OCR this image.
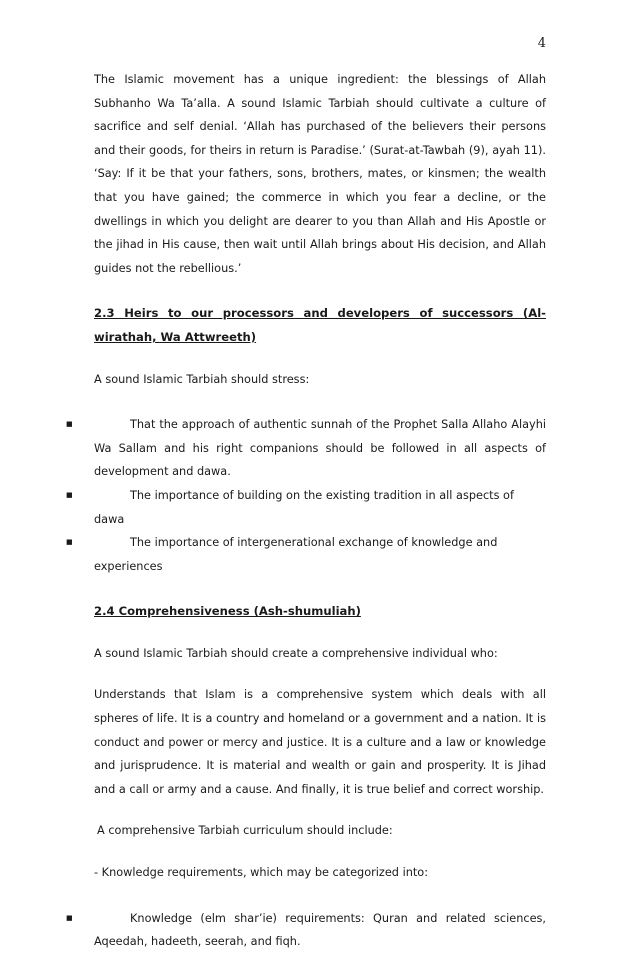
4

The Islamic movement has a unique ingredient: the blessings of Allah Subhanho Wa Ta’alla. A sound Islamic Tarbiah should cultivate a culture of sacrifice and self denial. ‘Allah has purchased of the believers their persons and their goods, for theirs in return is Paradise.’ (Surat-at-Tawbah (9), ayah 11). ‘Say: If it be that your fathers, sons, brothers, mates, or kinsmen; the wealth that you have gained; the commerce in which you fear a decline, or the dwellings in which you delight are dearer to you than Allah and His Apostle or the jihad in His cause, then wait until Allah brings about His decision, and Allah guides not the rebellious.’

2.3 Heirs to our processors and developers of successors (Al-wirathah, Wa Attwreeth)

A sound Islamic Tarbiah should stress:

■	That the approach of authentic sunnah of the Prophet Salla Allaho Alayhi Wa Sallam and his right companions should be followed in all aspects of development and dawa.
■	The importance of building on the existing tradition in all aspects of dawa
■	The importance of intergenerational exchange of knowledge and experiences

2.4 Comprehensiveness (Ash-shumuliah)

A sound Islamic Tarbiah should create a comprehensive individual who:

Understands that Islam is a comprehensive system which deals with all spheres of life. It is a country and homeland or a government and a nation. It is conduct and power or mercy and justice. It is a culture and a law or knowledge and jurisprudence. It is material and wealth or gain and prosperity. It is Jihad and a call or army and a cause. And finally, it is true belief and correct worship.

A comprehensive Tarbiah curriculum should include:

- Knowledge requirements, which may be categorized into:

■	Knowledge (elm shar’ie) requirements: Quran and related sciences, Aqeedah, hadeeth, seerah, and fiqh.
